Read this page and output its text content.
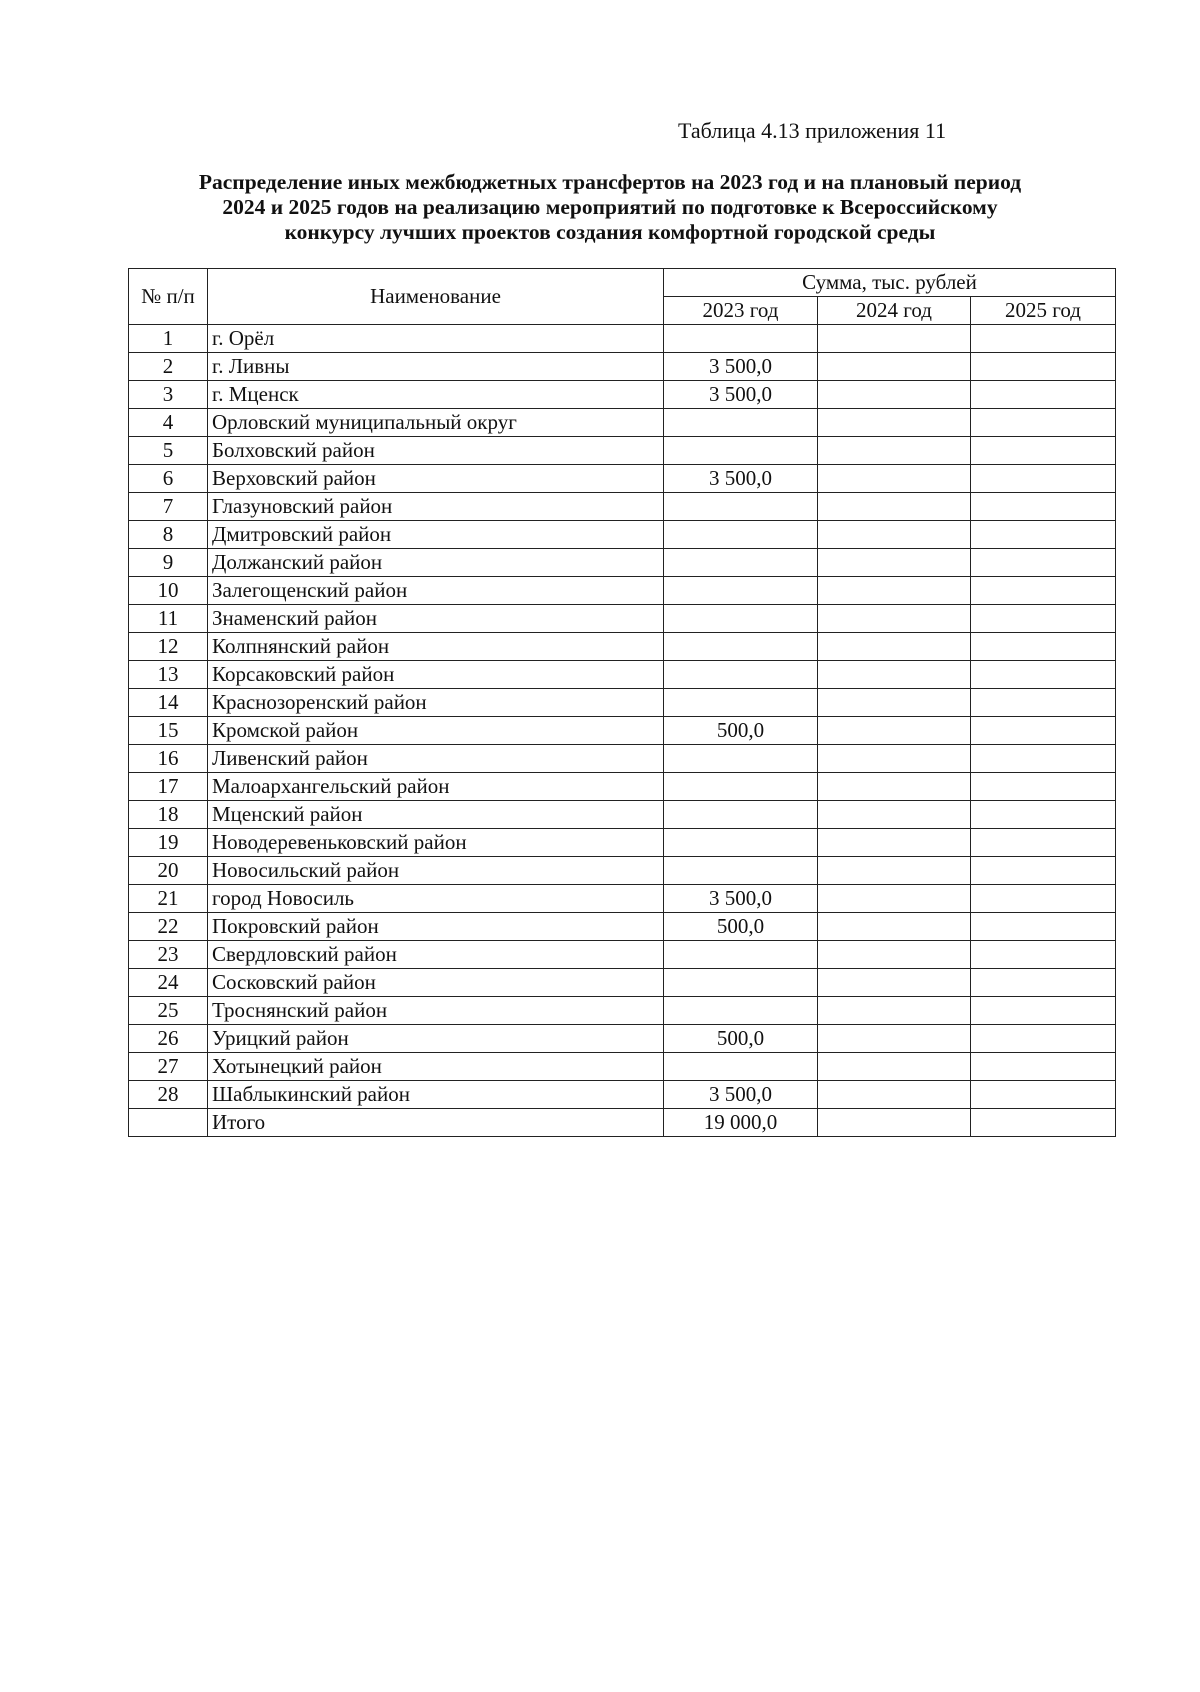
Таблица 4.13 приложения 11
Распределение иных межбюджетных трансфертов на 2023 год и на плановый период
2024 и 2025 годов на реализацию мероприятий по подготовке к Всероссийскому
конкурсу лучших проектов создания комфортной городской среды
№ п/п	Наименование	Сумма, тыс. рублей		
		2023 год	2024 год	2025 год
1	г. Орёл			
2	г. Ливны	3 500,0		
3	г. Мценск	3 500,0		
4	Орловский муниципальный округ			
5	Болховский район			
6	Верховский район	3 500,0		
7	Глазуновский район			
8	Дмитровский район			
9	Должанский район			
10	Залегощенский район			
11	Знаменский район			
12	Колпнянский район			
13	Корсаковский район			
14	Краснозоренский район			
15	Кромской район	500,0		
16	Ливенский район			
17	Малоархангельский район			
18	Мценский район			
19	Новодеревеньковский район			
20	Новосильский район			
21	город Новосиль	3 500,0		
22	Покровский район	500,0		
23	Свердловский район			
24	Сосковский район			
25	Троснянский район			
26	Урицкий район	500,0		
27	Хотынецкий район			
28	Шаблыкинский район	3 500,0		
	Итого	19 000,0		
